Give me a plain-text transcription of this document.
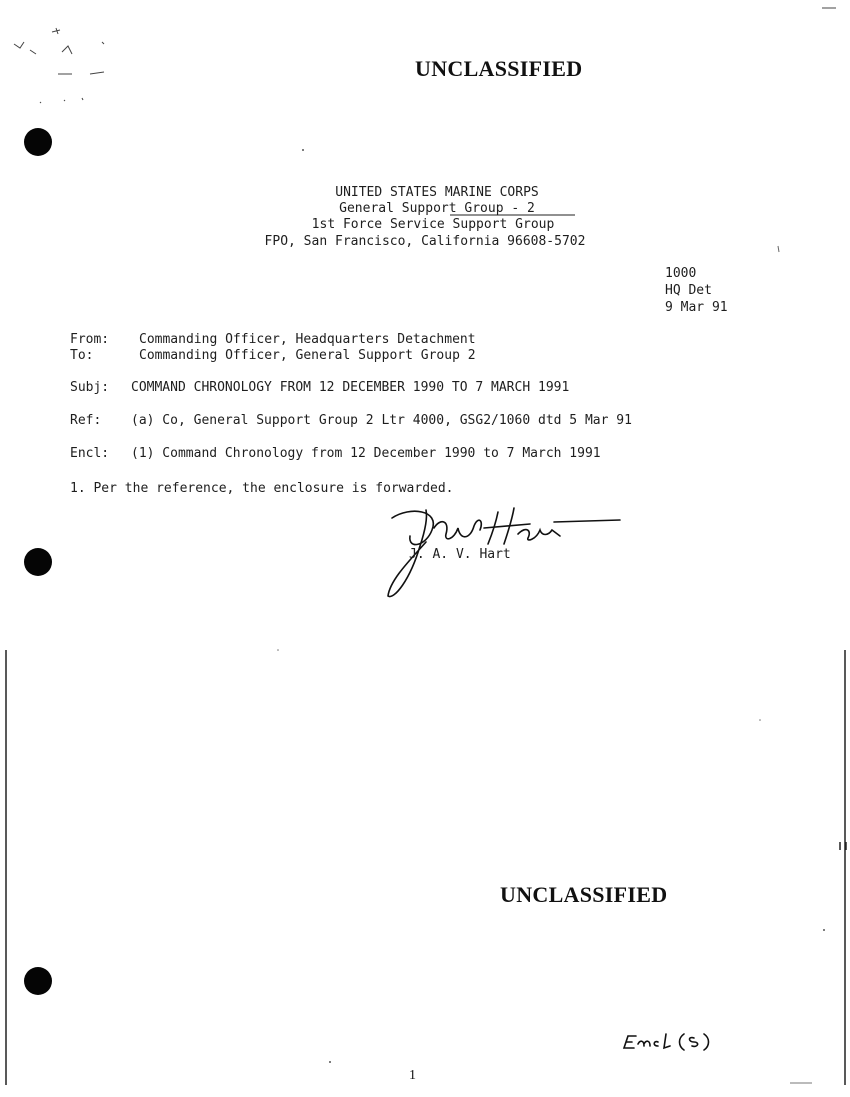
UNCLASSIFIED
UNCLASSIFIED
UNITED STATES MARINE CORPS
General Support Group - 2
1st Force Service Support Group
FPO, San Francisco, California 96608-5702
1000
HQ Det
9 Mar 91
From: Commanding Officer, Headquarters Detachment
To:	Commanding Officer, General Support Group 2
Subj: COMMAND CHRONOLOGY FROM 12 DECEMBER 1990 TO 7 MARCH 1991
Ref: (a) Co, General Support Group 2 Ltr 4000, GSG2/1060 dtd 5 Mar 91
Encl: (1) Command Chronology from 12 December 1990 to 7 March 1991
1. Per the reference, the enclosure is forwarded.
J. A. V. Hart
1
